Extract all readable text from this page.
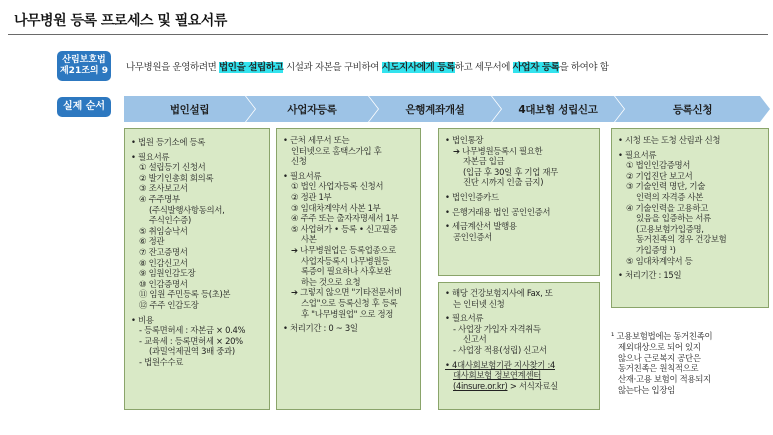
나무병원 등록 프로세스 및 필요서류
산림보호법
제21조의 9	나무병원을 운영하려면 법인을 설립하고 시설과 자본을 구비하여 시도지사에게 등록하고 세무서에 사업자 등록을 하여야 함
실제 순서	법인설립	사업자등록	은행계좌개설	4대보험 성립신고	등록신청
• 법원 등기소에 등록
• 필요서류
① 설립등기 신청서
② 발기인총회 회의록
③ 조사보고서
④ 주주명부
(주식발행사항동의서,
주식인수증)
⑤ 취임승낙서
⑥ 정관
⑦ 잔고증명서
⑧ 인감신고서
⑨ 임원인감도장
⑩ 인감증명서
⑪ 임원 주민등록 등(초)본
⑫ 주주 인감도장
• 비용
- 등록면허세 : 자본금 × 0.4%
- 교육세 : 등록면허세 × 20%
(과밀억제권역 3배 중과)
- 법원수수료
• 근처 세무서 또는
인터넷으로 홈택스가입 후
신청
• 필요서류
① 법인 사업자등록 신청서
② 정관 1부
③ 임대차계약서 사본 1부
④ 주주 또는 출자자명세서 1부
⑤ 사업허가 • 등록 • 신고필증
사본
➔ 나무병원업은 등록업종으로
사업자등록시 나무병원등
록증이 필요하나 사후보완
하는 것으로 요청
➔ 그렇지 않으면 "기타전문서비
스업"으로 등록신청 후 등록
후 "나무병원업" 으로 정정
• 처리기간 : 0 ~ 3일
• 법인통장
➔ 나무병원등록시 필요한
자본금 입금
(입금 후 30일 후 기업 재무
진단 시까지 인출 금지)
• 법인인증카드
• 은행거래용 법인 공인인증서
• 세금계산서 발행용
공인인증서
• 해당 건강보험지사에 Fax, 또
는 인터넷 신청
• 필요서류
- 사업장 가입자 자격취득
신고서
- 사업장 적용(성립) 신고서
• 4대사회보험기관 지사찾기 :4
대사회보험 정보연계센터
(4insure.or.kr) > 서식자료실
• 시청 또는 도청 산림과 신청
• 필요서류
① 법인인감증명서
② 기업진단 보고서
③ 기술인력 명단, 기술
인력의 자격증 사본
④ 기술인력을 고용하고
있음을 입증하는 서류
(고용보험가입증명,
동거친족의 경우 건강보험
가입증명 ¹)
⑤ 임대차계약서 등
• 처리기간 : 15일
¹ 고용보험법에는 동거친족이
제외대상으로 되어 있지
않으나 근로복지 공단은
동거친족은 원칙적으로
산재·고용 보험이 적용되지
않는다는 입장임
